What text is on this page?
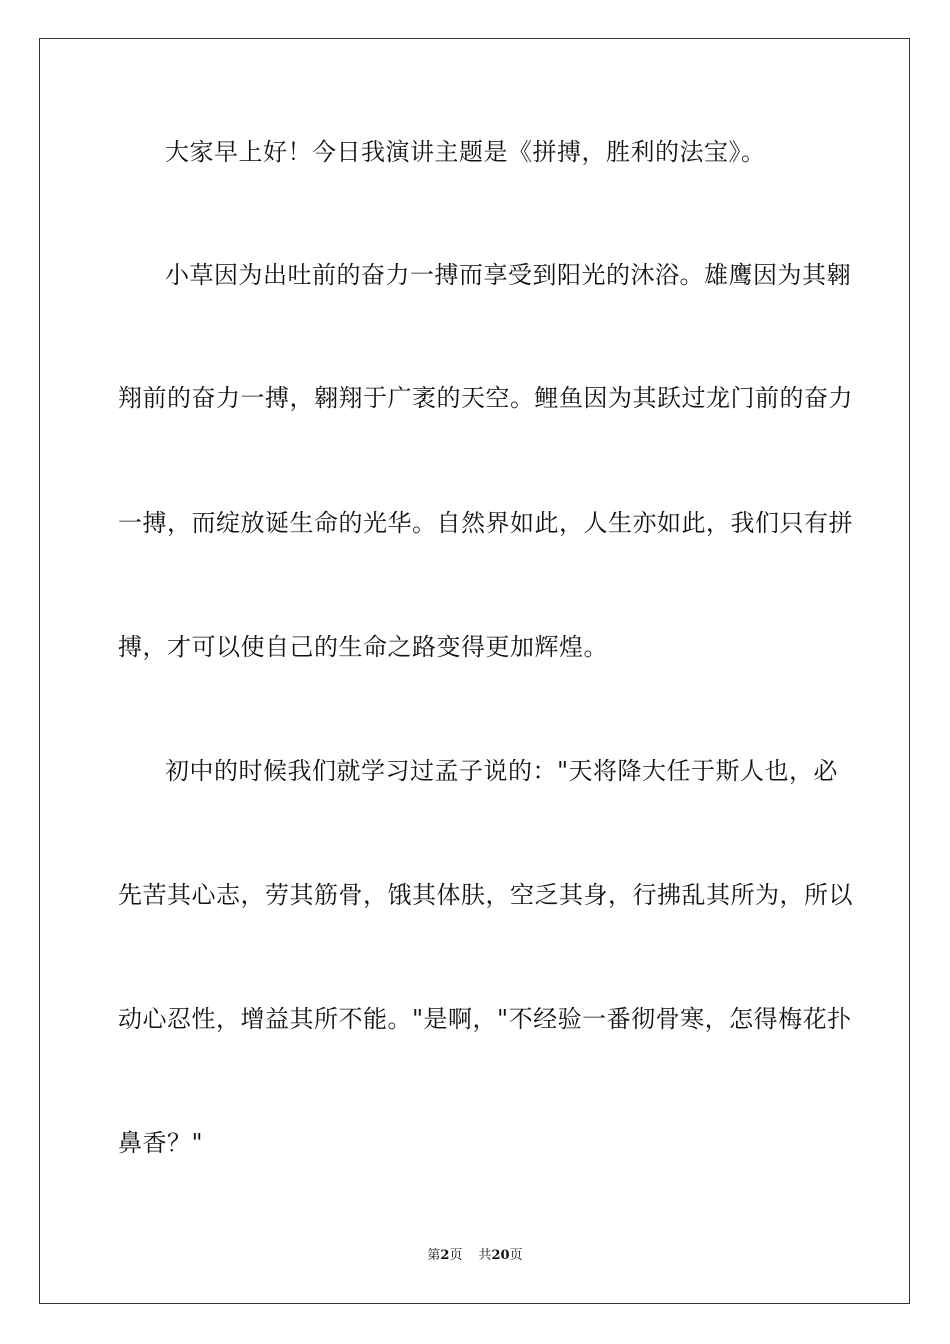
大家早上好！今日我演讲主题是《拼搏，胜利的法宝》。
小草因为出吐前的奋力一搏而享受到阳光的沐浴。雄鹰因为其翱
翔前的奋力一搏，翱翔于广袤的天空。鲤鱼因为其跃过龙门前的奋力
一搏，而绽放诞生命的光华。自然界如此，人生亦如此，我们只有拼
搏，才可以使自己的生命之路变得更加辉煌。
初中的时候我们就学习过孟子说的："天将降大任于斯人也，必
先苦其心志，劳其筋骨，饿其体肤，空乏其身，行拂乱其所为，所以
动心忍性，增益其所不能。"是啊，"不经验一番彻骨寒，怎得梅花扑
鼻香？"
第2页 共20页
